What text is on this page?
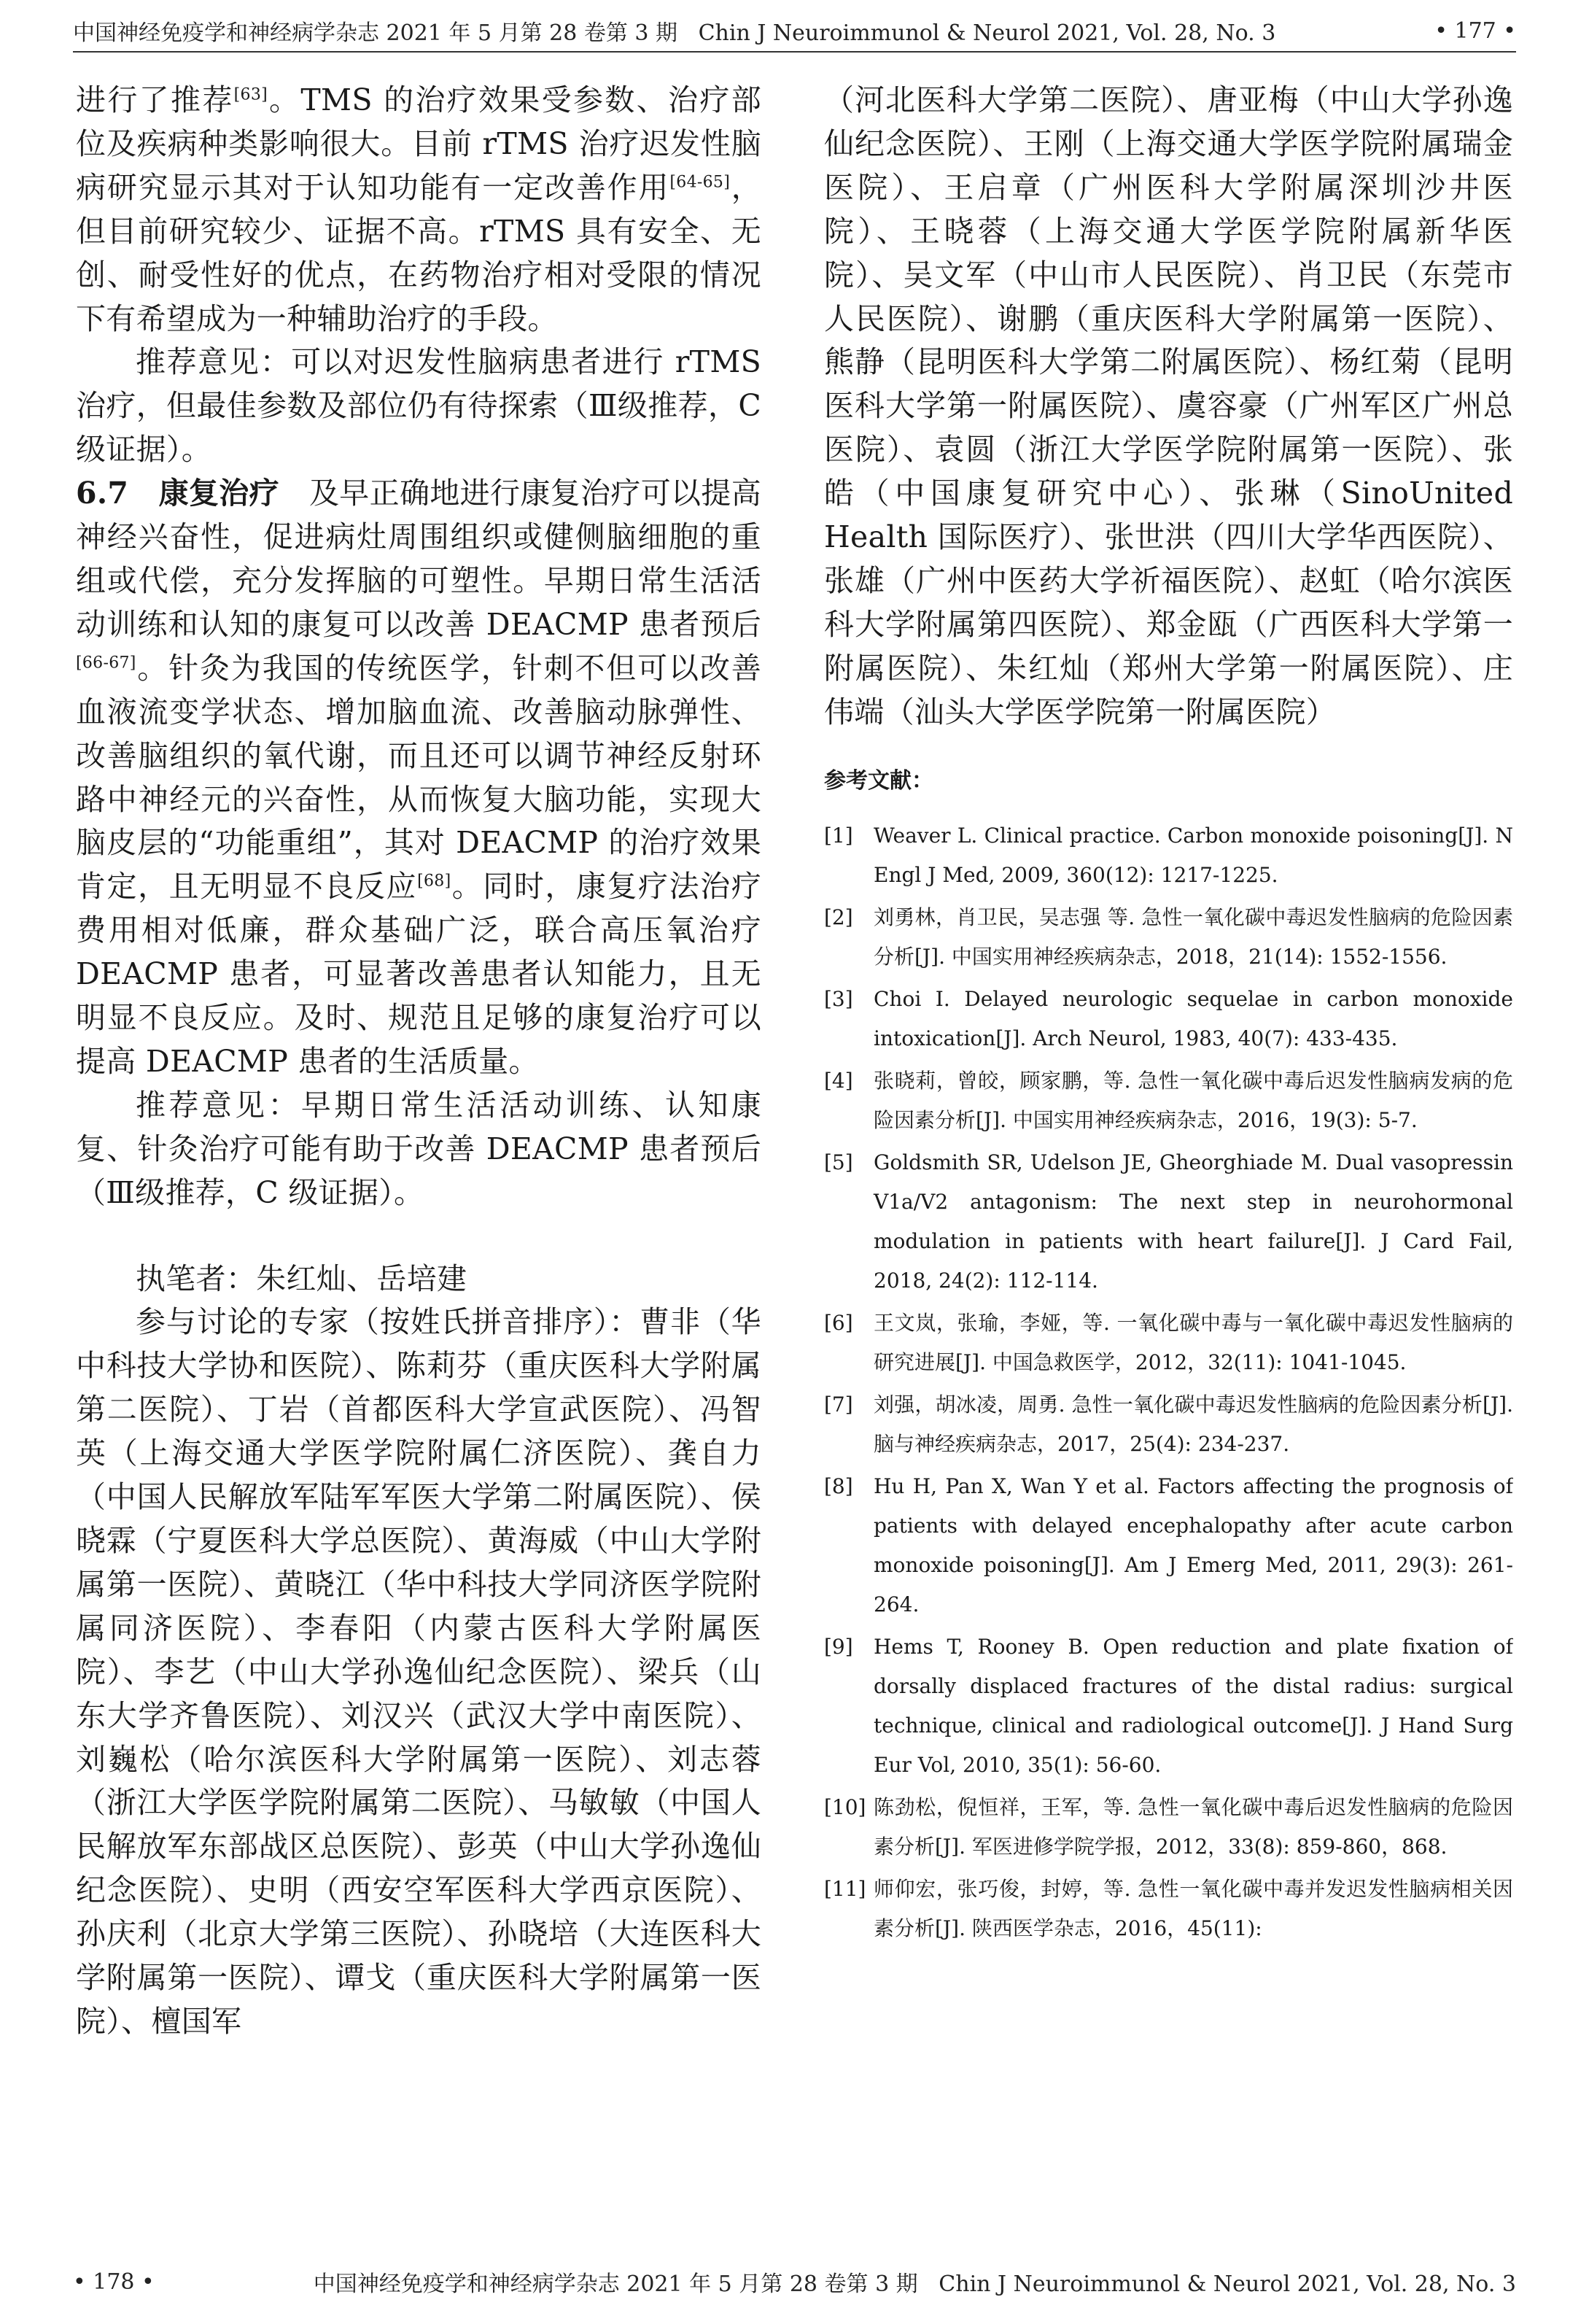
中国神经免疫学和神经病学杂志 2021 年 5 月第 28 卷第 3 期 Chin J Neuroimmunol & Neurol 2021, Vol. 28, No. 3	• 177 •

进行了推荐[63]。TMS 的治疗效果受参数、治疗部位及疾病种类影响很大。目前 rTMS 治疗迟发性脑病研究显示其对于认知功能有一定改善作用[64-65]，但目前研究较少、证据不高。rTMS 具有安全、无创、耐受性好的优点，在药物治疗相对受限的情况下有希望成为一种辅助治疗的手段。

推荐意见：可以对迟发性脑病患者进行 rTMS 治疗，但最佳参数及部位仍有待探索（Ⅲ级推荐，C 级证据）。

6.7　康复治疗 及早正确地进行康复治疗可以提高神经兴奋性，促进病灶周围组织或健侧脑细胞的重组或代偿，充分发挥脑的可塑性。早期日常生活活动训练和认知的康复可以改善 DEACMP 患者预后[66-67]。针灸为我国的传统医学，针刺不但可以改善血液流变学状态、增加脑血流、改善脑动脉弹性、改善脑组织的氧代谢，而且还可以调节神经反射环路中神经元的兴奋性，从而恢复大脑功能，实现大脑皮层的“功能重组”，其对 DEACMP 的治疗效果肯定，且无明显不良反应[68]。同时，康复疗法治疗费用相对低廉，群众基础广泛，联合高压氧治疗 DEACMP 患者，可显著改善患者认知能力，且无明显不良反应。及时、规范且足够的康复治疗可以提高 DEACMP 患者的生活质量。

推荐意见：早期日常生活活动训练、认知康复、针灸治疗可能有助于改善 DEACMP 患者预后（Ⅲ级推荐，C 级证据）。

执笔者：朱红灿、岳培建

参与讨论的专家（按姓氏拼音排序）：曹非（华中科技大学协和医院）、陈莉芬（重庆医科大学附属第二医院）、丁岩（首都医科大学宣武医院）、冯智英（上海交通大学医学院附属仁济医院）、龚自力（中国人民解放军陆军军医大学第二附属医院）、侯晓霖（宁夏医科大学总医院）、黄海威（中山大学附属第一医院）、黄晓江（华中科技大学同济医学院附属同济医院）、李春阳（内蒙古医科大学附属医院）、李艺（中山大学孙逸仙纪念医院）、梁兵（山东大学齐鲁医院）、刘汉兴（武汉大学中南医院）、刘巍松（哈尔滨医科大学附属第一医院）、刘志蓉（浙江大学医学院附属第二医院）、马敏敏（中国人民解放军东部战区总医院）、彭英（中山大学孙逸仙纪念医院）、史明（西安空军医科大学西京医院）、孙庆利（北京大学第三医院）、孙晓培（大连医科大学附属第一医院）、谭戈（重庆医科大学附属第一医院）、檀国军

（河北医科大学第二医院）、唐亚梅（中山大学孙逸仙纪念医院）、王刚（上海交通大学医学院附属瑞金医院）、王启章（广州医科大学附属深圳沙井医院）、王晓蓉（上海交通大学医学院附属新华医院）、吴文军（中山市人民医院）、肖卫民（东莞市人民医院）、谢鹏（重庆医科大学附属第一医院）、熊静（昆明医科大学第二附属医院）、杨红菊（昆明医科大学第一附属医院）、虞容豪（广州军区广州总医院）、袁圆（浙江大学医学院附属第一医院）、张皓（中国康复研究中心）、张琳（SinoUnited Health 国际医疗）、张世洪（四川大学华西医院）、张雄（广州中医药大学祈福医院）、赵虹（哈尔滨医科大学附属第四医院）、郑金瓯（广西医科大学第一附属医院）、朱红灿（郑州大学第一附属医院）、庄伟端（汕头大学医学院第一附属医院）

参考文献：
[1]	Weaver L. Clinical practice. Carbon monoxide poisoning[J]. N Engl J Med, 2009, 360(12): 1217-1225.
[2]	刘勇林，肖卫民，吴志强 等. 急性一氧化碳中毒迟发性脑病的危险因素分析[J]. 中国实用神经疾病杂志，2018，21(14): 1552-1556.
[3]	Choi I. Delayed neurologic sequelae in carbon monoxide intoxication[J]. Arch Neurol, 1983, 40(7): 433-435.
[4]	张晓莉，曾皎，顾家鹏，等. 急性一氧化碳中毒后迟发性脑病发病的危险因素分析[J]. 中国实用神经疾病杂志，2016，19(3): 5-7.
[5]	Goldsmith SR, Udelson JE, Gheorghiade M. Dual vasopressin V1a/V2 antagonism: The next step in neurohormonal modulation in patients with heart failure[J]. J Card Fail, 2018, 24(2): 112-114.
[6]	王文岚，张瑜，李娅，等. 一氧化碳中毒与一氧化碳中毒迟发性脑病的研究进展[J]. 中国急救医学，2012，32(11): 1041-1045.
[7]	刘强，胡冰凌，周勇. 急性一氧化碳中毒迟发性脑病的危险因素分析[J]. 脑与神经疾病杂志，2017，25(4): 234-237.
[8]	Hu H, Pan X, Wan Y et al. Factors affecting the prognosis of patients with delayed encephalopathy after acute carbon monoxide poisoning[J]. Am J Emerg Med, 2011, 29(3): 261-264.
[9]	Hems T, Rooney B. Open reduction and plate fixation of dorsally displaced fractures of the distal radius: surgical technique, clinical and radiological outcome[J]. J Hand Surg Eur Vol, 2010, 35(1): 56-60.
[10] 陈劲松，倪恒祥，王军，等. 急性一氧化碳中毒后迟发性脑病的危险因素分析[J]. 军医进修学院学报，2012，33(8): 859-860，868.
[11] 师仰宏，张巧俊，封婷，等. 急性一氧化碳中毒并发迟发性脑病相关因素分析[J]. 陕西医学杂志，2016，45(11):
• 178 •	中国神经免疫学和神经病学杂志 2021 年 5 月第 28 卷第 3 期 Chin J Neuroimmunol & Neurol 2021, Vol. 28, No. 3
